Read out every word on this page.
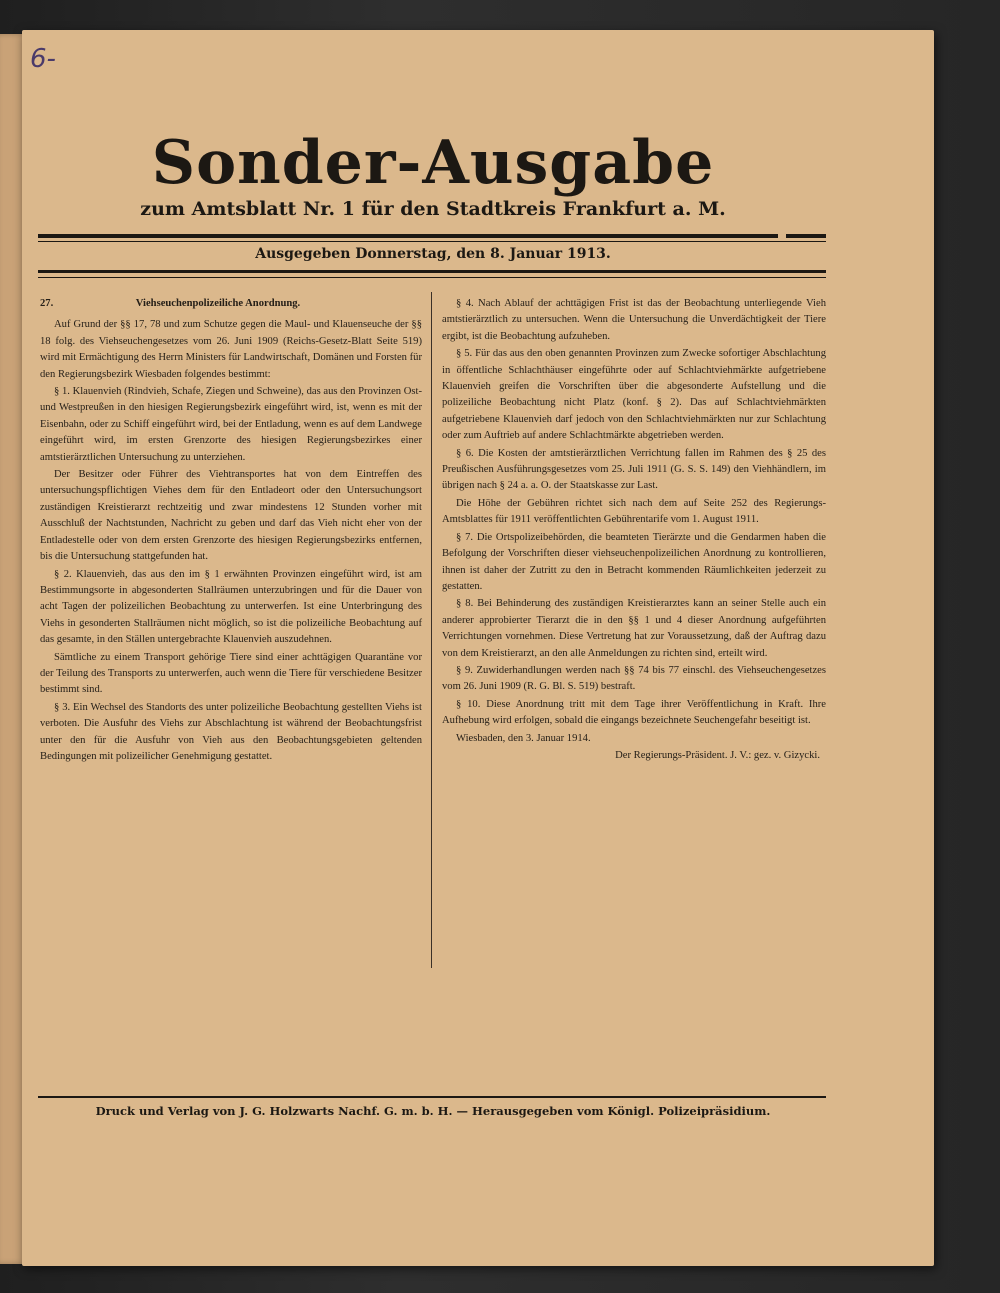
6-
Sonder-Ausgabe
zum Amtsblatt Nr. 1 für den Stadtkreis Frankfurt a. M.
Ausgegeben Donnerstag, den 8. Januar 1913.
27.	Viehseuchenpolizeiliche Anordnung.

Auf Grund der §§ 17, 78 und zum Schutze gegen die Maul- und Klauenseuche der §§ 18 folg. des Viehseuchengesetzes vom 26. Juni 1909 (Reichs-Gesetz-Blatt Seite 519) wird mit Ermächtigung des Herrn Ministers für Landwirtschaft, Domänen und Forsten für den Regierungsbezirk Wiesbaden folgendes bestimmt:

§ 1. Klauenvieh (Rindvieh, Schafe, Ziegen und Schweine), das aus den Provinzen Ost- und Westpreußen in den hiesigen Regierungsbezirk eingeführt wird, ist, wenn es mit der Eisenbahn, oder zu Schiff eingeführt wird, bei der Entladung, wenn es auf dem Landwege eingeführt wird, im ersten Grenzorte des hiesigen Regierungsbezirkes einer amtstierärztlichen Untersuchung zu unterziehen.

Der Besitzer oder Führer des Viehtransportes hat von dem Eintreffen des untersuchungspflichtigen Viehes dem für den Entladeort oder den Untersuchungsort zuständigen Kreistierarzt rechtzeitig und zwar mindestens 12 Stunden vorher mit Ausschluß der Nachtstunden, Nachricht zu geben und darf das Vieh nicht eher von der Entladestelle oder von dem ersten Grenzorte des hiesigen Regierungsbezirks entfernen, bis die Untersuchung stattgefunden hat.

§ 2. Klauenvieh, das aus den im § 1 erwähnten Provinzen eingeführt wird, ist am Bestimmungsorte in abgesonderten Stallräumen unterzubringen und für die Dauer von acht Tagen der polizeilichen Beobachtung zu unterwerfen. Ist eine Unterbringung des Viehs in gesonderten Stallräumen nicht möglich, so ist die polizeiliche Beobachtung auf das gesamte, in den Ställen untergebrachte Klauenvieh auszudehnen.

Sämtliche zu einem Transport gehörige Tiere sind einer achttägigen Quarantäne vor der Teilung des Transports zu unterwerfen, auch wenn die Tiere für verschiedene Besitzer bestimmt sind.

§ 3. Ein Wechsel des Standorts des unter polizeiliche Beobachtung gestellten Viehs ist verboten. Die Ausfuhr des Viehs zur Abschlachtung ist während der Beobachtungsfrist unter den für die Ausfuhr von Vieh aus den Beobachtungsgebieten geltenden Bedingungen mit polizeilicher Genehmigung gestattet.

§ 4. Nach Ablauf der achttägigen Frist ist das der Beobachtung unterliegende Vieh amtstierärztlich zu untersuchen. Wenn die Untersuchung die Unverdächtigkeit der Tiere ergibt, ist die Beobachtung aufzuheben.

§ 5. Für das aus den oben genannten Provinzen zum Zwecke sofortiger Abschlachtung in öffentliche Schlachthäuser eingeführte oder auf Schlachtviehmärkte aufgetriebene Klauenvieh greifen die Vorschriften über die abgesonderte Aufstellung und die polizeiliche Beobachtung nicht Platz (konf. § 2). Das auf Schlachtviehmärkten aufgetriebene Klauenvieh darf jedoch von den Schlachtviehmärkten nur zur Schlachtung oder zum Auftrieb auf andere Schlachtmärkte abgetrieben werden.

§ 6. Die Kosten der amtstierärztlichen Verrichtung fallen im Rahmen des § 25 des Preußischen Ausführungsgesetzes vom 25. Juli 1911 (G. S. S. 149) den Viehhändlern, im übrigen nach § 24 a. a. O. der Staatskasse zur Last.

Die Höhe der Gebühren richtet sich nach dem auf Seite 252 des Regierungs-Amtsblattes für 1911 veröffentlichten Gebührentarife vom 1. August 1911.

§ 7. Die Ortspolizeibehörden, die beamteten Tierärzte und die Gendarmen haben die Befolgung der Vorschriften dieser viehseuchenpolizeilichen Anordnung zu kontrollieren, ihnen ist daher der Zutritt zu den in Betracht kommenden Räumlichkeiten jederzeit zu gestatten.

§ 8. Bei Behinderung des zuständigen Kreistierarztes kann an seiner Stelle auch ein anderer approbierter Tierarzt die in den §§ 1 und 4 dieser Anordnung aufgeführten Verrichtungen vornehmen. Diese Vertretung hat zur Voraussetzung, daß der Auftrag dazu von dem Kreistierarzt, an den alle Anmeldungen zu richten sind, erteilt wird.

§ 9. Zuwiderhandlungen werden nach §§ 74 bis 77 einschl. des Viehseuchengesetzes vom 26. Juni 1909 (R. G. Bl. S. 519) bestraft.

§ 10. Diese Anordnung tritt mit dem Tage ihrer Veröffentlichung in Kraft. Ihre Aufhebung wird erfolgen, sobald die eingangs bezeichnete Seuchengefahr beseitigt ist.

Wiesbaden, den 3. Januar 1914.

Der Regierungs-Präsident. J. V.: gez. v. Gizycki.

Druck und Verlag von J. G. Holzwarts Nachf. G. m. b. H. — Herausgegeben vom Königl. Polizeipräsidium.
